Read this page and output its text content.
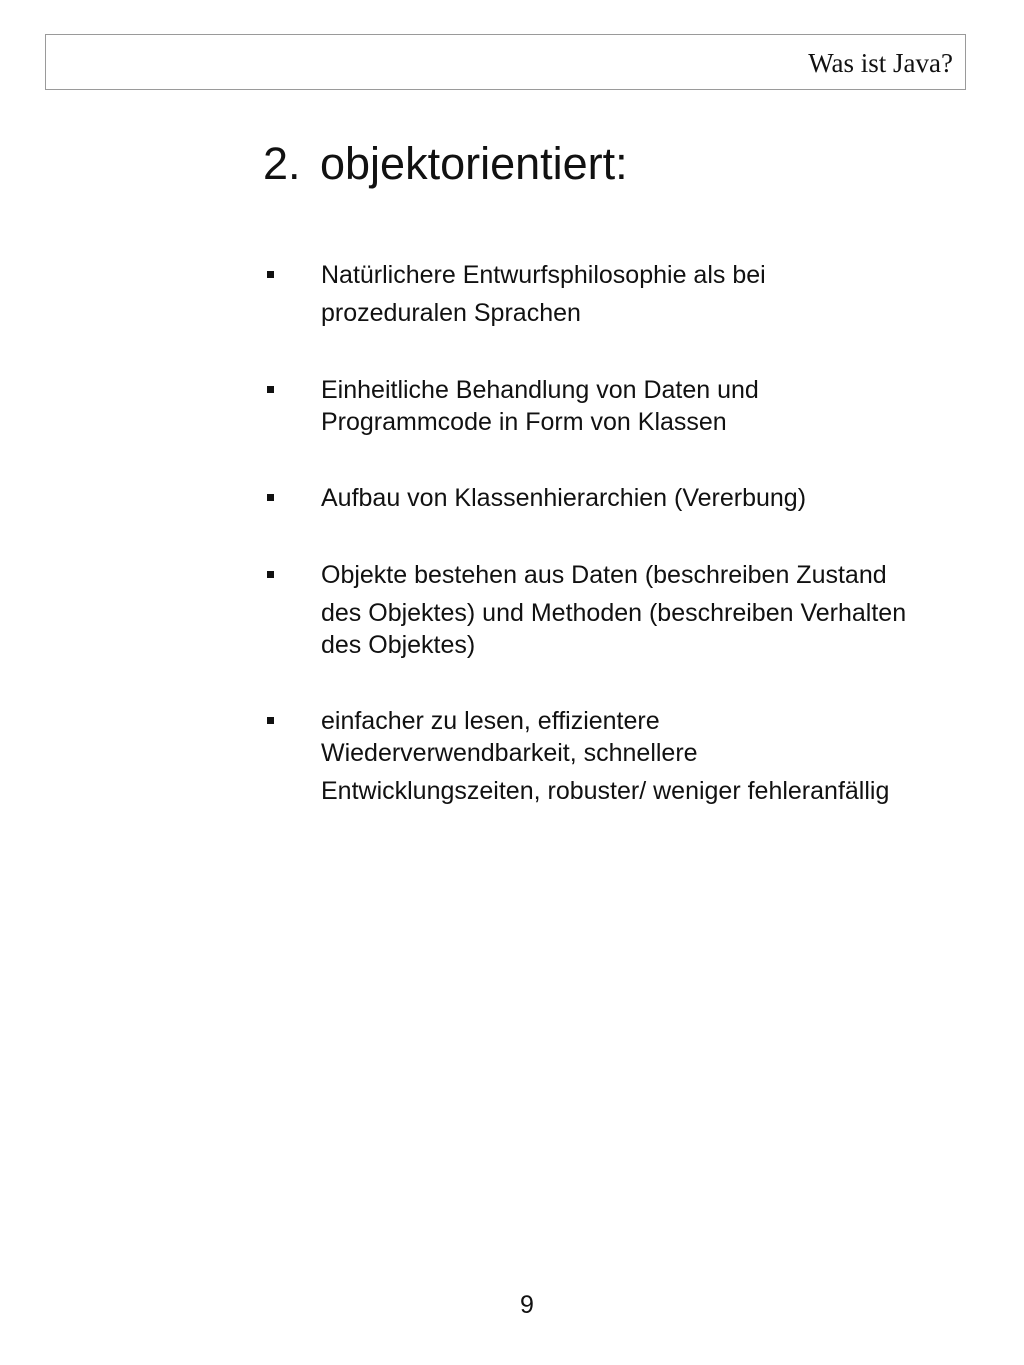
Was ist Java?
2. objektorientiert:
Natürlichere Entwurfsphilosophie als bei
prozeduralen Sprachen
Einheitliche Behandlung von Daten und
Programmcode in Form von Klassen
Aufbau von Klassenhierarchien (Vererbung)
Objekte bestehen aus Daten (beschreiben Zustand
des Objektes) und Methoden (beschreiben Verhalten
des Objektes)
einfacher zu lesen, effizientere
Wiederverwendbarkeit, schnellere
Entwicklungszeiten, robuster/ weniger fehleranfällig
9
